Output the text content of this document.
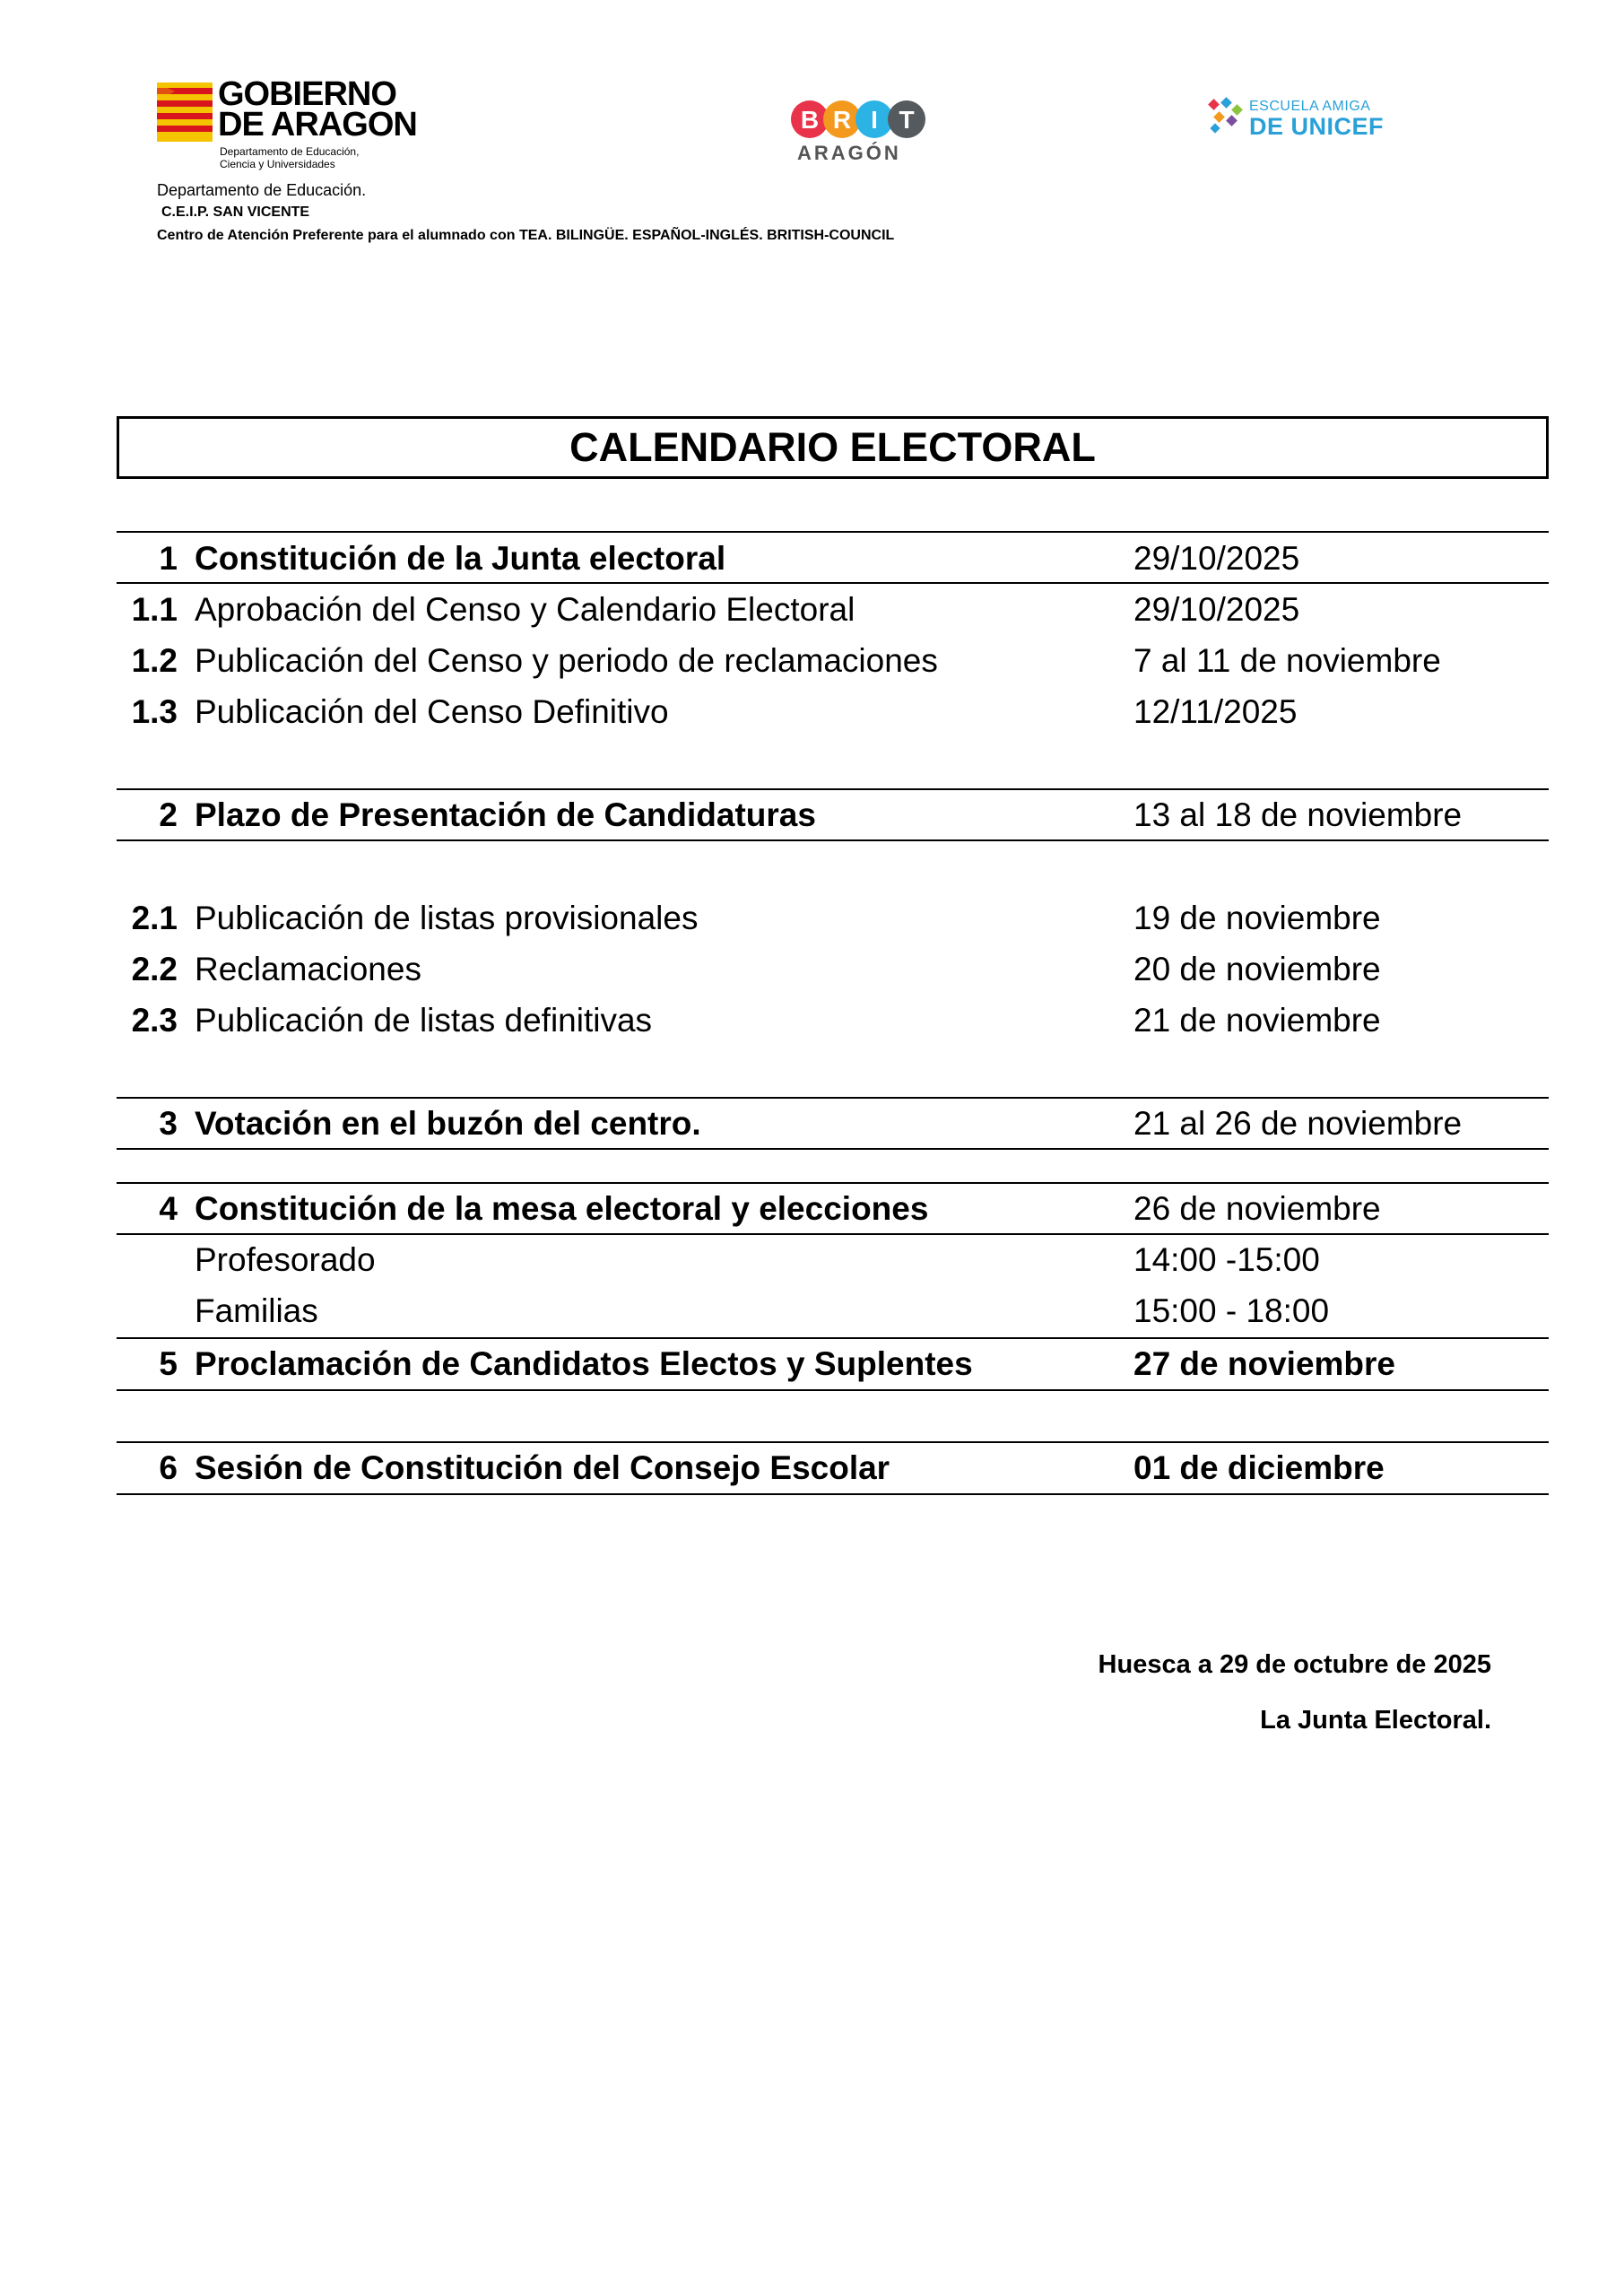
GOBIERNO
DE ARAGON
Departamento de Educación,
Ciencia y Universidades
B R I T
ARAGÓN
ESCUELA AMIGA
DE UNICEF
Departamento de Educación.
C.E.I.P. SAN VICENTE
Centro de Atención Preferente para el alumnado con TEA. BILINGÜE. ESPAÑOL-INGLÉS. BRITISH-COUNCIL
CALENDARIO ELECTORAL
1 Constitución de la Junta electoral	29/10/2025
1.1 Aprobación del Censo y Calendario Electoral	29/10/2025
1.2 Publicación del Censo y periodo de reclamaciones	7 al 11 de noviembre
1.3 Publicación del Censo Definitivo	12/11/2025
2 Plazo de Presentación de Candidaturas	13 al 18 de noviembre
2.1 Publicación de listas provisionales	19 de noviembre
2.2 Reclamaciones	20 de noviembre
2.3 Publicación de listas definitivas	21 de noviembre
3 Votación en el buzón del centro.	21 al 26 de noviembre
4 Constitución de la mesa electoral y elecciones	26 de noviembre
Profesorado	14:00 -15:00
Familias	15:00 - 18:00
5 Proclamación de Candidatos Electos y Suplentes	27 de noviembre
6 Sesión de Constitución del Consejo Escolar	01 de diciembre
Huesca a 29 de octubre de 2025
La Junta Electoral.
